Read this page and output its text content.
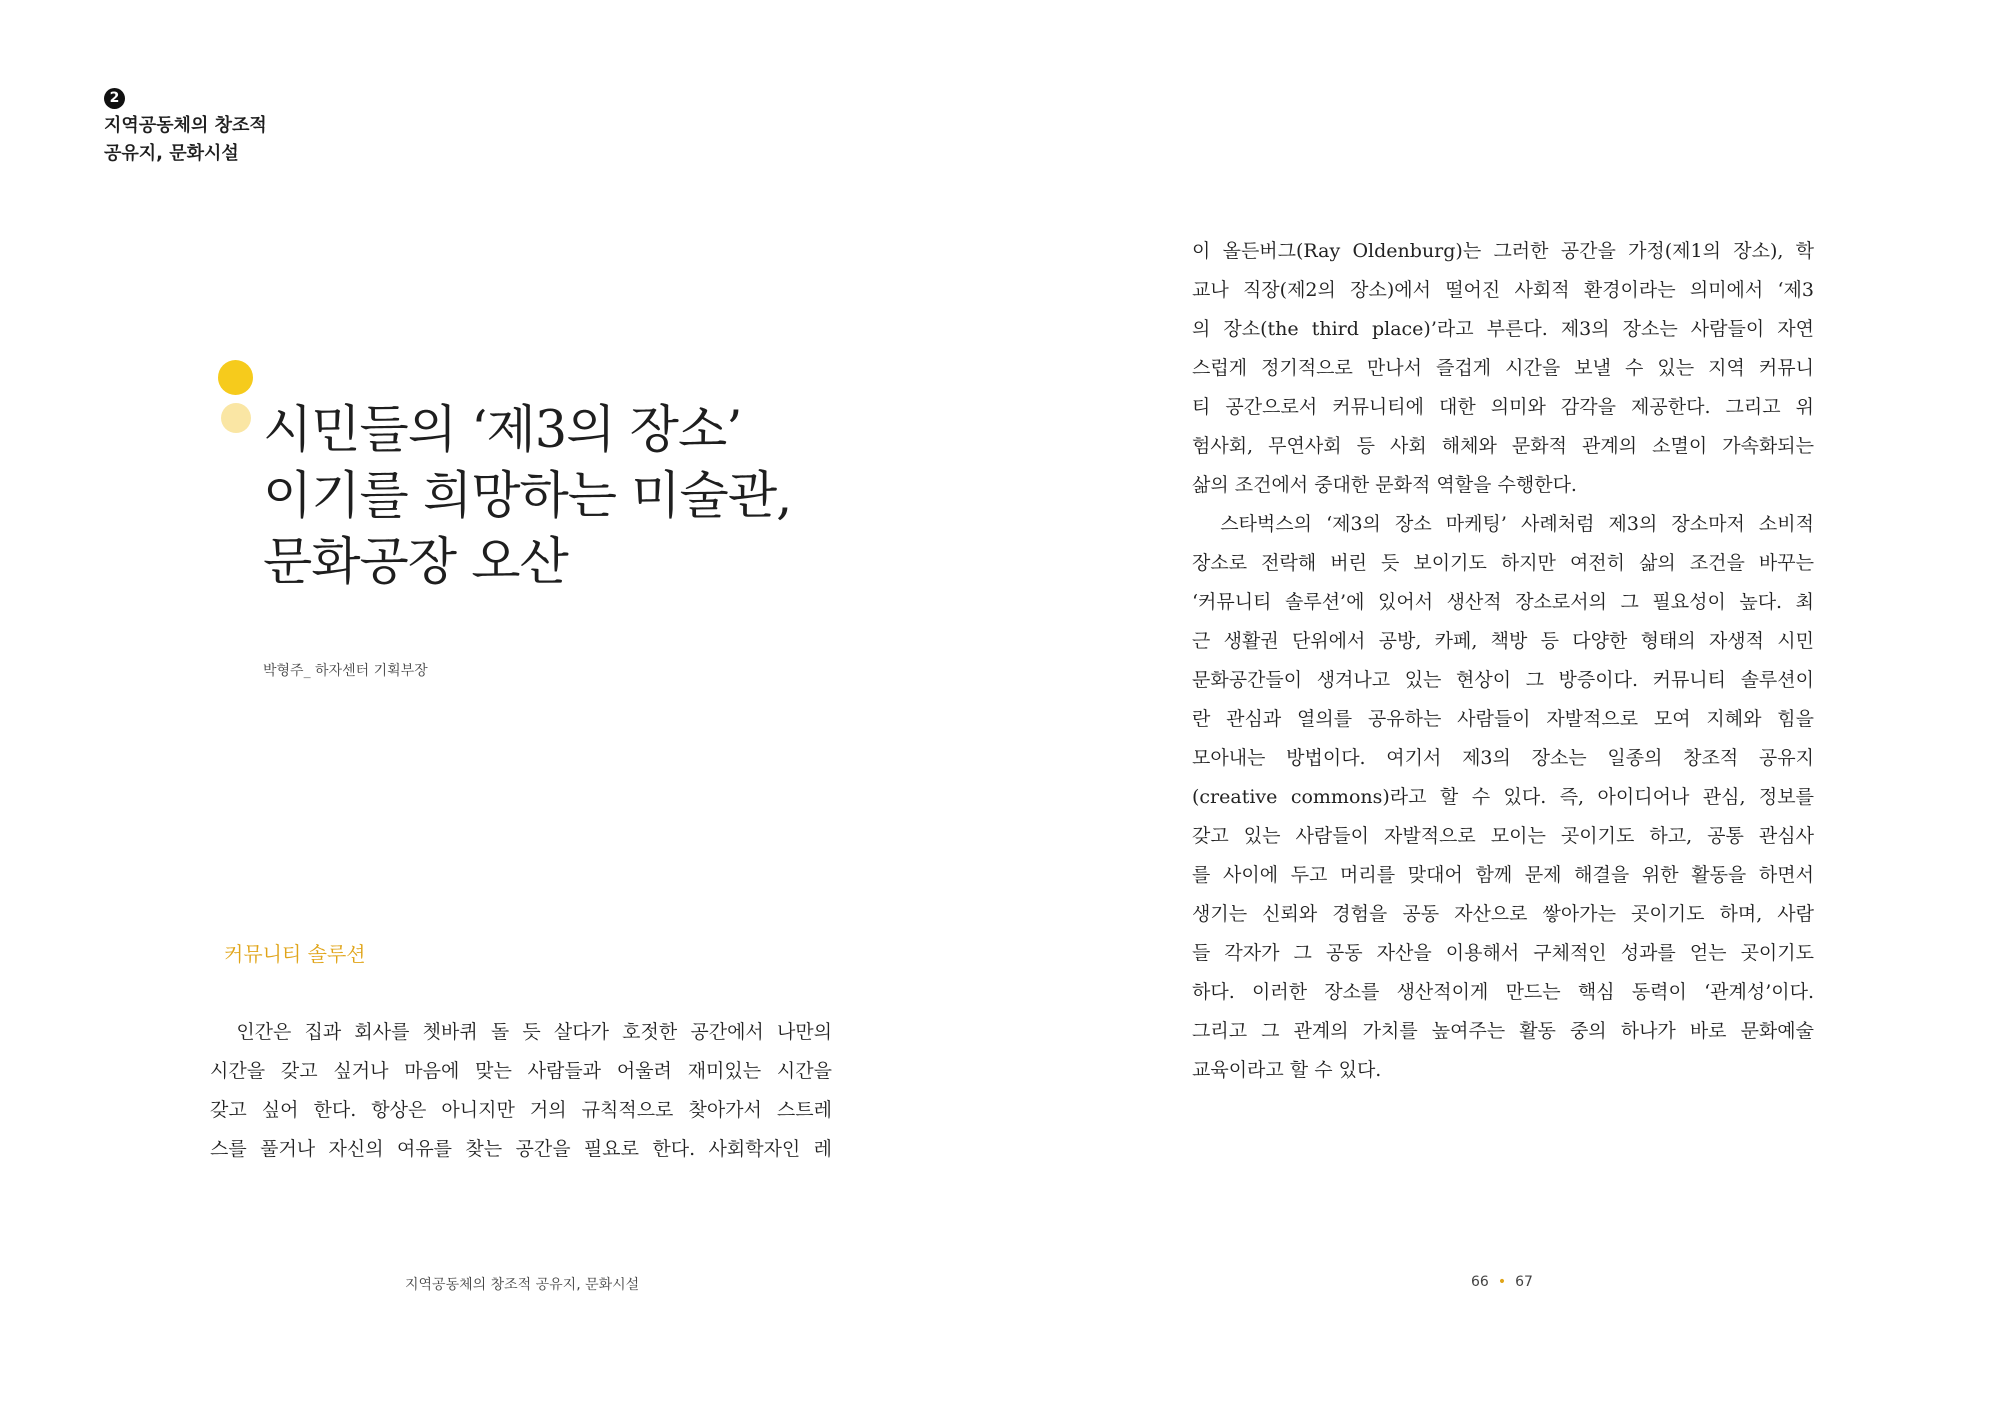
2
지역공동체의 창조적
공유지, 문화시설
시민들의 ‘제3의 장소’
이기를 희망하는 미술관,
문화공장 오산
박형주_ 하자센터 기획부장
커뮤니티 솔루션
인간은 집과 회사를 쳇바퀴 돌 듯 살다가 호젓한 공간에서 나만의
시간을 갖고 싶거나 마음에 맞는 사람들과 어울려 재미있는 시간을
갖고 싶어 한다. 항상은 아니지만 거의 규칙적으로 찾아가서 스트레
스를 풀거나 자신의 여유를 찾는 공간을 필요로 한다. 사회학자인 레
이 올든버그(Ray Oldenburg)는 그러한 공간을 가정(제1의 장소), 학
교나 직장(제2의 장소)에서 떨어진 사회적 환경이라는 의미에서 ‘제3
의 장소(the third place)’라고 부른다. 제3의 장소는 사람들이 자연
스럽게 정기적으로 만나서 즐겁게 시간을 보낼 수 있는 지역 커뮤니
티 공간으로서 커뮤니티에 대한 의미와 감각을 제공한다. 그리고 위
험사회, 무연사회 등 사회 해체와 문화적 관계의 소멸이 가속화되는
삶의 조건에서 중대한 문화적 역할을 수행한다.
스타벅스의 ‘제3의 장소 마케팅’ 사례처럼 제3의 장소마저 소비적
장소로 전락해 버린 듯 보이기도 하지만 여전히 삶의 조건을 바꾸는
‘커뮤니티 솔루션’에 있어서 생산적 장소로서의 그 필요성이 높다. 최
근 생활권 단위에서 공방, 카페, 책방 등 다양한 형태의 자생적 시민
문화공간들이 생겨나고 있는 현상이 그 방증이다. 커뮤니티 솔루션이
란 관심과 열의를 공유하는 사람들이 자발적으로 모여 지혜와 힘을
모아내는 방법이다. 여기서 제3의 장소는 일종의 창조적 공유지
(creative commons)라고 할 수 있다. 즉, 아이디어나 관심, 정보를
갖고 있는 사람들이 자발적으로 모이는 곳이기도 하고, 공통 관심사
를 사이에 두고 머리를 맞대어 함께 문제 해결을 위한 활동을 하면서
생기는 신뢰와 경험을 공동 자산으로 쌓아가는 곳이기도 하며, 사람
들 각자가 그 공동 자산을 이용해서 구체적인 성과를 얻는 곳이기도
하다. 이러한 장소를 생산적이게 만드는 핵심 동력이 ‘관계성’이다.
그리고 그 관계의 가치를 높여주는 활동 중의 하나가 바로 문화예술
교육이라고 할 수 있다.
지역공동체의 창조적 공유지, 문화시설	66 • 67
